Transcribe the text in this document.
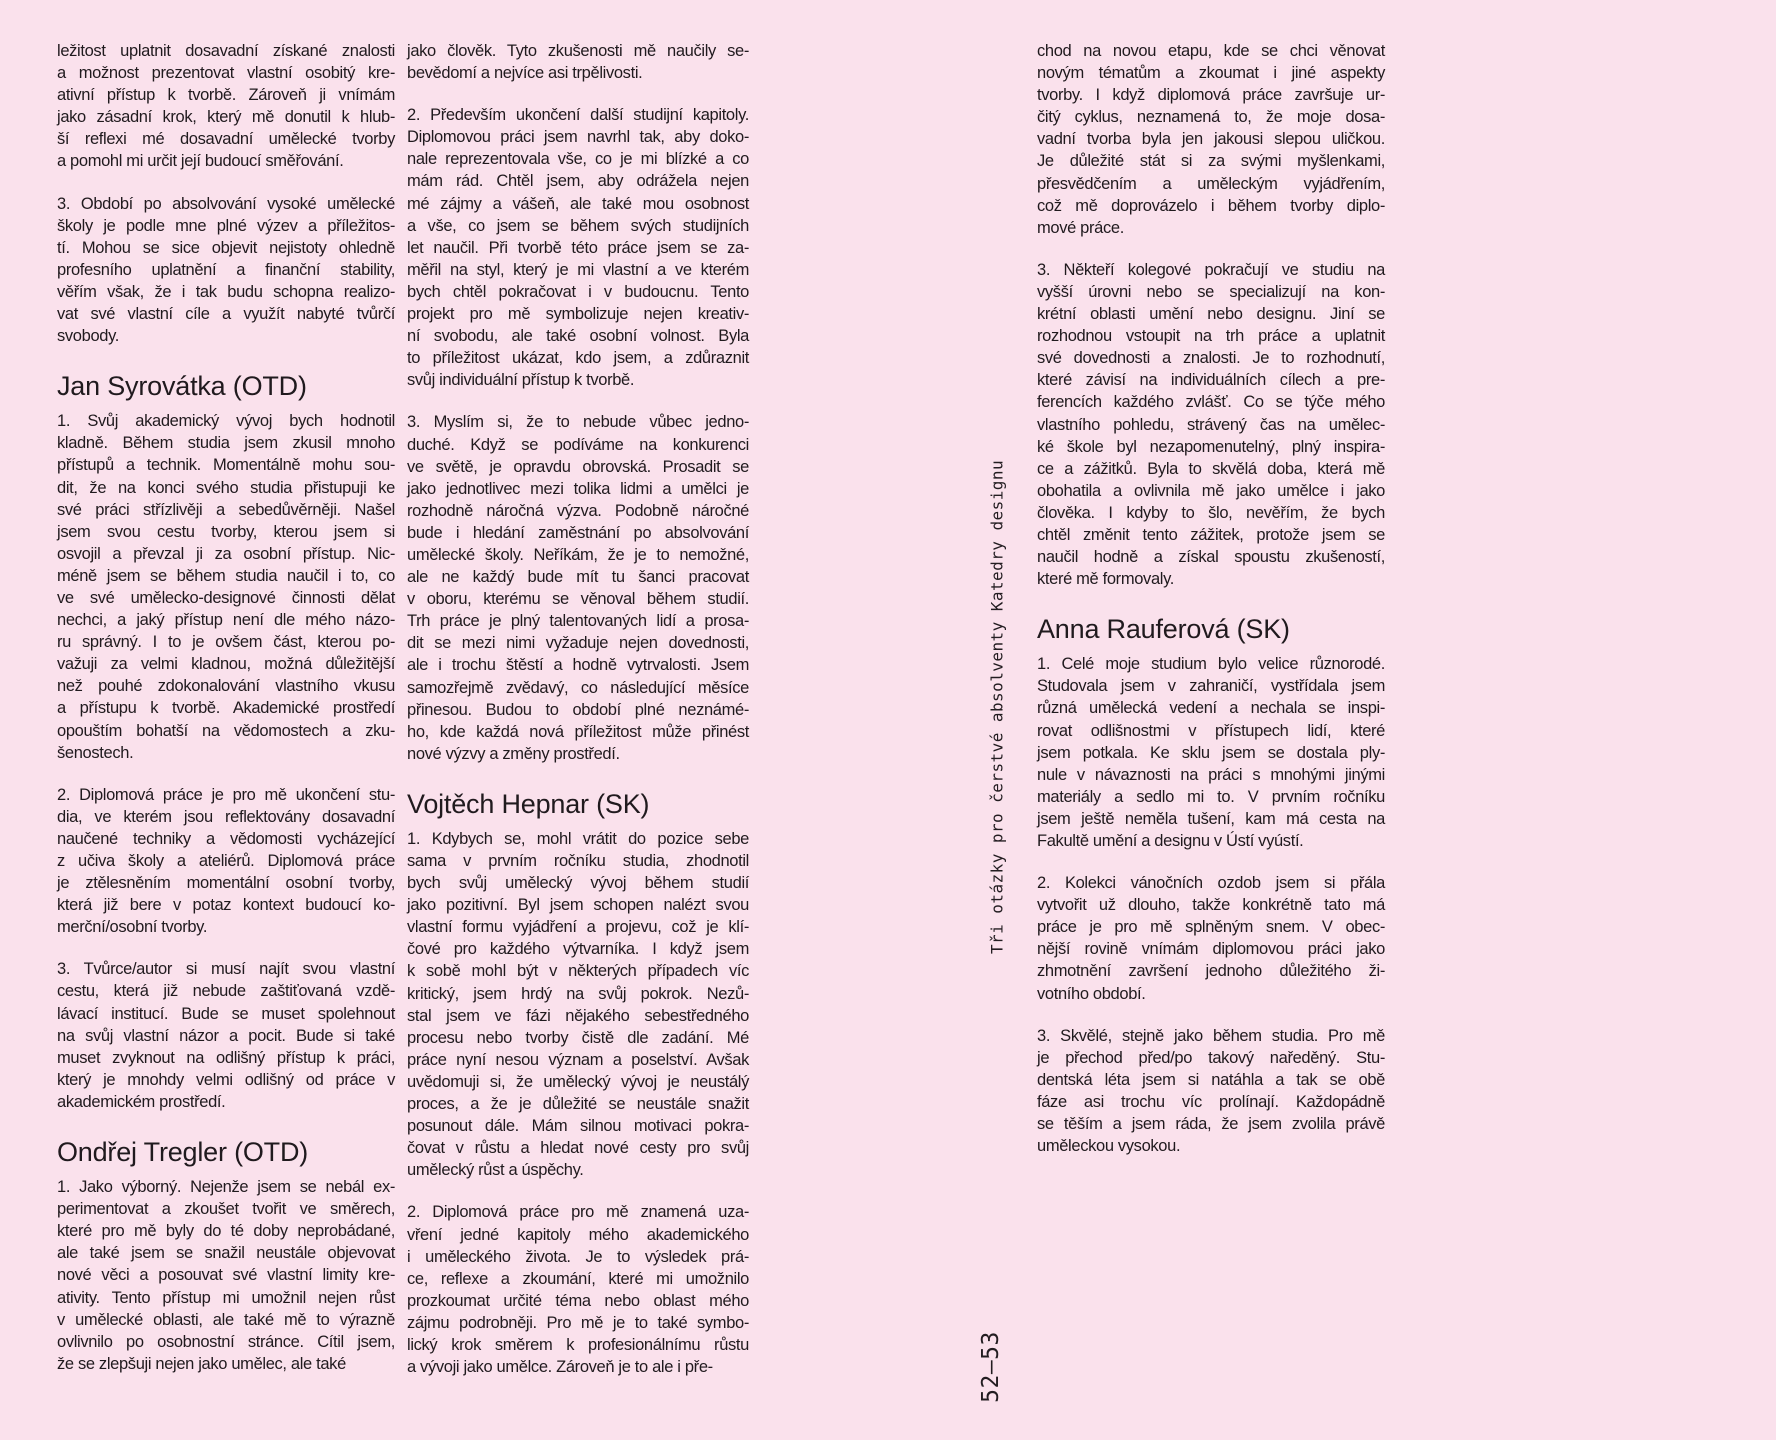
ležitost uplatnit dosavadní získané znalosti
a možnost prezentovat vlastní osobitý kre-
ativní přístup k tvorbě. Zároveň ji vnímám
jako zásadní krok, který mě donutil k hlub-
ší reflexi mé dosavadní umělecké tvorby
a pomohl mi určit její budoucí směřování.
3. Období po absolvování vysoké umělecké
školy je podle mne plné výzev a příležitos-
tí. Mohou se sice objevit nejistoty ohledně
profesního uplatnění a finanční stability,
věřím však, že i tak budu schopna realizo-
vat své vlastní cíle a využít nabyté tvůrčí
svobody.
Jan Syrovátka (OTD)
1. Svůj akademický vývoj bych hodnotil
kladně. Během studia jsem zkusil mnoho
přístupů a technik. Momentálně mohu sou-
dit, že na konci svého studia přistupuji ke
své práci střízlivěji a sebedůvěrněji. Našel
jsem svou cestu tvorby, kterou jsem si
osvojil a převzal ji za osobní přístup. Nic-
méně jsem se během studia naučil i to, co
ve své umělecko-designové činnosti dělat
nechci, a jaký přístup není dle mého názo-
ru správný. I to je ovšem část, kterou po-
važuji za velmi kladnou, možná důležitější
než pouhé zdokonalování vlastního vkusu
a přístupu k tvorbě. Akademické prostředí
opouštím bohatší na vědomostech a zku-
šenostech.
2. Diplomová práce je pro mě ukončení stu-
dia, ve kterém jsou reflektovány dosavadní
naučené techniky a vědomosti vycházející
z učiva školy a ateliérů. Diplomová práce
je ztělesněním momentální osobní tvorby,
která již bere v potaz kontext budoucí ko-
merční/osobní tvorby.
3. Tvůrce/autor si musí najít svou vlastní
cestu, která již nebude zaštiťovaná vzdě-
lávací institucí. Bude se muset spolehnout
na svůj vlastní názor a pocit. Bude si také
muset zvyknout na odlišný přístup k práci,
který je mnohdy velmi odlišný od práce v
akademickém prostředí.
Ondřej Tregler (OTD)
1. Jako výborný. Nejenže jsem se nebál ex-
perimentovat a zkoušet tvořit ve směrech,
které pro mě byly do té doby neprobádané,
ale také jsem se snažil neustále objevovat
nové věci a posouvat své vlastní limity kre-
ativity. Tento přístup mi umožnil nejen růst
v umělecké oblasti, ale také mě to výrazně
ovlivnilo po osobnostní stránce. Cítil jsem,
že se zlepšuji nejen jako umělec, ale také
jako člověk. Tyto zkušenosti mě naučily se-
bevědomí a nejvíce asi trpělivosti.
2. Především ukončení další studijní kapitoly.
Diplomovou práci jsem navrhl tak, aby doko-
nale reprezentovala vše, co je mi blízké a co
mám rád. Chtěl jsem, aby odrážela nejen
mé zájmy a vášeň, ale také mou osobnost
a vše, co jsem se během svých studijních
let naučil. Při tvorbě této práce jsem se za-
měřil na styl, který je mi vlastní a ve kterém
bych chtěl pokračovat i v budoucnu. Tento
projekt pro mě symbolizuje nejen kreativ-
ní svobodu, ale také osobní volnost. Byla
to příležitost ukázat, kdo jsem, a zdůraznit
svůj individuální přístup k tvorbě.
3. Myslím si, že to nebude vůbec jedno-
duché. Když se podíváme na konkurenci
ve světě, je opravdu obrovská. Prosadit se
jako jednotlivec mezi tolika lidmi a umělci je
rozhodně náročná výzva. Podobně náročné
bude i hledání zaměstnání po absolvování
umělecké školy. Neříkám, že je to nemožné,
ale ne každý bude mít tu šanci pracovat
v oboru, kterému se věnoval během studií.
Trh práce je plný talentovaných lidí a prosa-
dit se mezi nimi vyžaduje nejen dovednosti,
ale i trochu štěstí a hodně vytrvalosti. Jsem
samozřejmě zvědavý, co následující měsíce
přinesou. Budou to období plné neznámé-
ho, kde každá nová příležitost může přinést
nové výzvy a změny prostředí.
Vojtěch Hepnar (SK)
1. Kdybych se, mohl vrátit do pozice sebe
sama v prvním ročníku studia, zhodnotil
bych svůj umělecký vývoj během studií
jako pozitivní. Byl jsem schopen nalézt svou
vlastní formu vyjádření a projevu, což je klí-
čové pro každého výtvarníka. I když jsem
k sobě mohl být v některých případech víc
kritický, jsem hrdý na svůj pokrok. Nezů-
stal jsem ve fázi nějakého sebestředného
procesu nebo tvorby čistě dle zadání. Mé
práce nyní nesou význam a poselství. Avšak
uvědomuji si, že umělecký vývoj je neustálý
proces, a že je důležité se neustále snažit
posunout dále. Mám silnou motivaci pokra-
čovat v růstu a hledat nové cesty pro svůj
umělecký růst a úspěchy.
2. Diplomová práce pro mě znamená uza-
vření jedné kapitoly mého akademického
i uměleckého života. Je to výsledek prá-
ce, reflexe a zkoumání, které mi umožnilo
prozkoumat určité téma nebo oblast mého
zájmu podrobněji. Pro mě je to také symbo-
lický krok směrem k profesionálnímu růstu
a vývoji jako umělce. Zároveň je to ale i pře-
chod na novou etapu, kde se chci věnovat
novým tématům a zkoumat i jiné aspekty
tvorby. I když diplomová práce završuje ur-
čitý cyklus, neznamená to, že moje dosa-
vadní tvorba byla jen jakousi slepou uličkou.
Je důležité stát si za svými myšlenkami,
přesvědčením a uměleckým vyjádřením,
což mě doprovázelo i během tvorby diplo-
mové práce.
3. Někteří kolegové pokračují ve studiu na
vyšší úrovni nebo se specializují na kon-
krétní oblasti umění nebo designu. Jiní se
rozhodnou vstoupit na trh práce a uplatnit
své dovednosti a znalosti. Je to rozhodnutí,
které závisí na individuálních cílech a pre-
ferencích každého zvlášť. Co se týče mého
vlastního pohledu, strávený čas na umělec-
ké škole byl nezapomenutelný, plný inspira-
ce a zážitků. Byla to skvělá doba, která mě
obohatila a ovlivnila mě jako umělce i jako
člověka. I kdyby to šlo, nevěřím, že bych
chtěl změnit tento zážitek, protože jsem se
naučil hodně a získal spoustu zkušeností,
které mě formovaly.
Anna Rauferová (SK)
1. Celé moje studium bylo velice různorodé.
Studovala jsem v zahraničí, vystřídala jsem
různá umělecká vedení a nechala se inspi-
rovat odlišnostmi v přístupech lidí, které
jsem potkala. Ke sklu jsem se dostala ply-
nule v návaznosti na práci s mnohými jinými
materiály a sedlo mi to. V prvním ročníku
jsem ještě neměla tušení, kam má cesta na
Fakultě umění a designu v Ústí vyústí.
2. Kolekci vánočních ozdob jsem si přála
vytvořit už dlouho, takže konkrétně tato má
práce je pro mě splněným snem. V obec-
nější rovině vnímám diplomovou práci jako
zhmotnění završení jednoho důležitého ži-
votního období.
3. Skvělé, stejně jako během studia. Pro mě
je přechod před/po takový naředěný. Stu-
dentská léta jsem si natáhla a tak se obě
fáze asi trochu víc prolínají. Každopádně
se těším a jsem ráda, že jsem zvolila právě
uměleckou vysokou.
Tři otázky pro čerstvé absolventy Katedry designu
52—53
